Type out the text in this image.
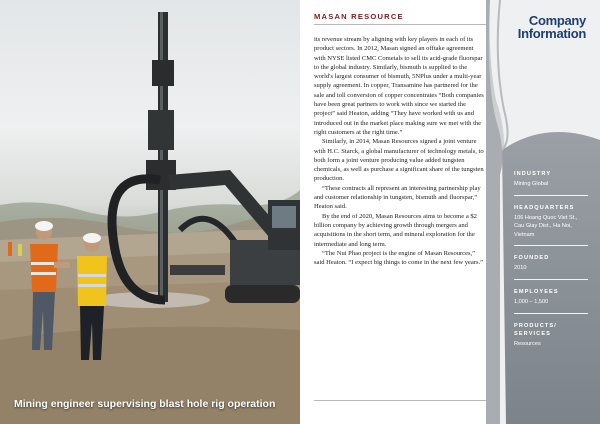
Mining engineer supervising blast hole rig operation
MASAN RESOURCE

its revenue stream by aligning with key players in each of its product sectors. In 2012, Masan signed an offtake agreement with NYSE listed CMC Cometals to sell its acid-grade fluorspar to the global industry. Similarly, bismuth is supplied to the world's largest consumer of bismuth, 5NPlus under a multi-year supply agreement. In copper, Transamine has partnered for the sale and toll conversion of copper concentrates “Both companies have been great partners to work with since we started the project” said Heaton, adding “They have worked with us and introduced out in the market place making sure we met with the right customers at the right time.”

Similarly, in 2014, Masan Resources signed a joint venture with H.C. Starck, a global manufacturer of technology metals, to both form a joint venture producing value added tungsten chemicals, as well as purchase a significant share of the tungsten production.

“These contracts all represent an interesting partnership play and customer relationship in tungsten, bismuth and fluorspar,” Heaton said.

By the end of 2020, Masan Resources aims to become a $2 billion company by achieving growth through mergers and acquisitions in the short term, and mineral exploration for the intermediate and long term.

“The Nui Phao project is the engine of Masan Resources,” said Heaton. “I expect big things to come in the next few years.”

Company Information
INDUSTRY
Mining Global
HEADQUARTERS
106 Hoang Quoc Viet St., Cau Giay Dist., Ha Noi, Vietnam
FOUNDED
2010
EMPLOYEES
1,000 – 1,500
PRODUCTS/ SERVICES
Resources
